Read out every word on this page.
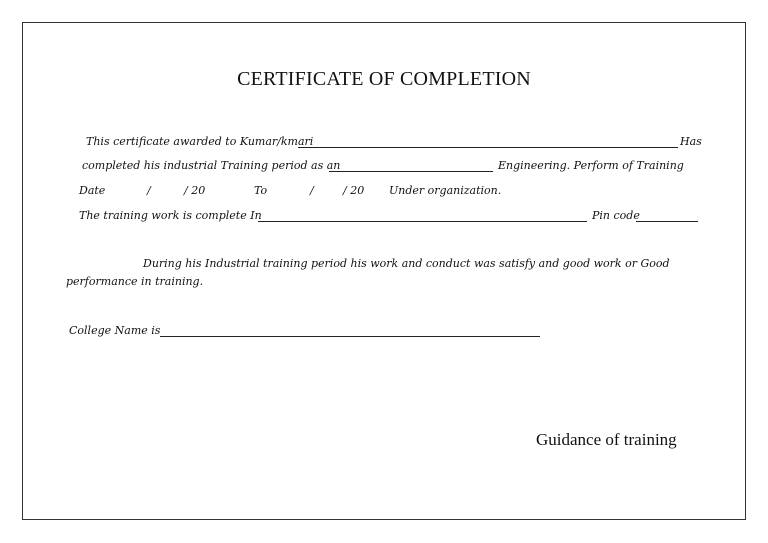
CERTIFICATE OF COMPLETION
This certificate awarded to Kumar/kmari	Has
completed his industrial Training period as an	Engineering. Perform of Training
Date	/	/ 20	To	/	/ 20 Under organization.
The training work is complete In	Pin code
During his Industrial training period his work and conduct was satisfy and good work or Good
performance in training.
College Name is
Guidance of training
